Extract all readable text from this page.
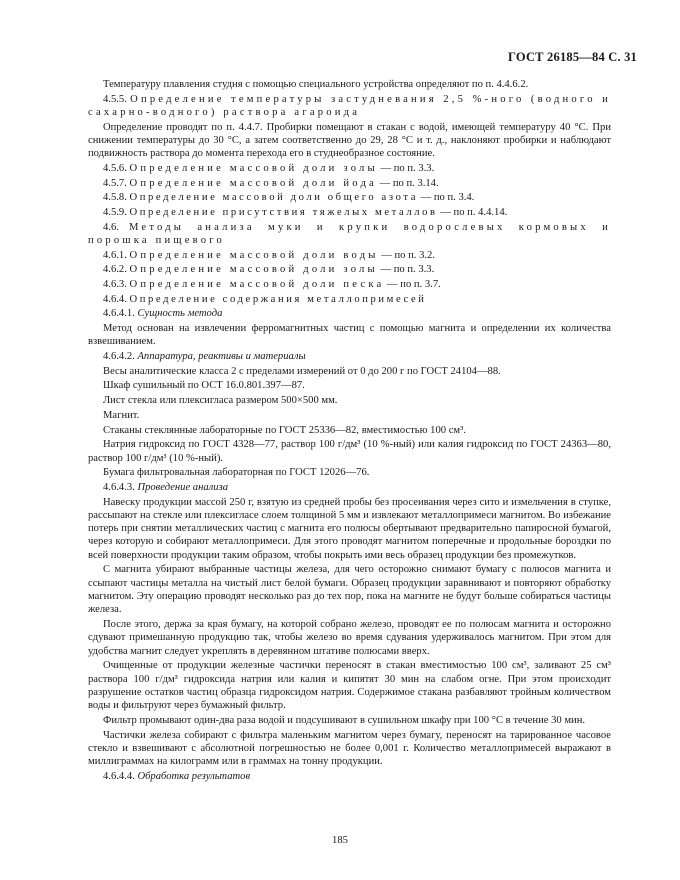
ГОСТ 26185—84 С. 31

Температуру плавления студня с помощью специального устройства определяют по п. 4.4.6.2.

4.5.5. Определение температуры застудневания 2,5 %-ного (водного и сахарно-водного) раствора агароида

Определение проводят по п. 4.4.7. Пробирки помещают в стакан с водой, имеющей температуру 40 °С. При снижении температуры до 30 °С, а затем соответственно до 29, 28 °С и т. д., наклоняют пробирки и наблюдают подвижность раствора до момента перехода его в студнеобразное состояние.

4.5.6. Определение массовой доли золы — по п. 3.3.

4.5.7. Определение массовой доли йода — по п. 3.14.

4.5.8. Определение массовой доли общего азота — по п. 3.4.

4.5.9. Определение присутствия тяжелых металлов — по п. 4.4.14.

4.6. Методы анализа муки и крупки водорослевых кормовых и порошка пищевого

4.6.1. Определение массовой доли воды — по п. 3.2.

4.6.2. Определение массовой доли золы — по п. 3.3.

4.6.3. Определение массовой доли песка — по п. 3.7.

4.6.4. Определение содержания металлопримесей

4.6.4.1. Сущность метода

Метод основан на извлечении ферромагнитных частиц с помощью магнита и определении их количества взвешиванием.

4.6.4.2. Аппаратура, реактивы и материалы

Весы аналитические класса 2 с пределами измерений от 0 до 200 г по ГОСТ 24104—88.

Шкаф сушильный по ОСТ 16.0.801.397—87.

Лист стекла или плексигласа размером 500×500 мм.

Магнит.

Стаканы стеклянные лабораторные по ГОСТ 25336—82, вместимостью 100 см³.

Натрия гидроксид по ГОСТ 4328—77, раствор 100 г/дм³ (10 %-ный) или калия гидроксид по ГОСТ 24363—80, раствор 100 г/дм³ (10 %-ный).

Бумага фильтровальная лабораторная по ГОСТ 12026—76.

4.6.4.3. Проведение анализа

Навеску продукции массой 250 г, взятую из средней пробы без просеивания через сито и измельчения в ступке, рассыпают на стекле или плексигласе слоем толщиной 5 мм и извлекают металлопримеси магнитом. Во избежание потерь при снятии металлических частиц с магнита его полюсы обертывают предварительно папиросной бумагой, через которую и собирают металлопримеси. Для этого проводят магнитом поперечные и продольные бороздки по всей поверхности продукции таким образом, чтобы покрыть ими весь образец продукции без промежутков.

С магнита убирают выбранные частицы железа, для чего осторожно снимают бумагу с полюсов магнита и ссыпают частицы металла на чистый лист белой бумаги. Образец продукции заравнивают и повторяют обработку магнитом. Эту операцию проводят несколько раз до тех пор, пока на магните не будут больше собираться частицы железа.

После этого, держа за края бумагу, на которой собрано железо, проводят ее по полюсам магнита и осторожно сдувают примешанную продукцию так, чтобы железо во время сдувания удерживалось магнитом. При этом для удобства магнит следует укреплять в деревянном штативе полюсами вверх.

Очищенные от продукции железные частички переносят в стакан вместимостью 100 см³, заливают 25 см³ раствора 100 г/дм³ гидроксида натрия или калия и кипятят 30 мин на слабом огне. При этом происходит разрушение остатков частиц образца гидроксидом натрия. Содержимое стакана разбавляют тройным количеством воды и фильтруют через бумажный фильтр.

Фильтр промывают один-два раза водой и подсушивают в сушильном шкафу при 100 °С в течение 30 мин.

Частички железа собирают с фильтра маленьким магнитом через бумагу, переносят на тарированное часовое стекло и взвешивают с абсолютной погрешностью не более 0,001 г. Количество металлопримесей выражают в миллиграммах на килограмм или в граммах на тонну продукции.

4.6.4.4. Обработка результатов

185
